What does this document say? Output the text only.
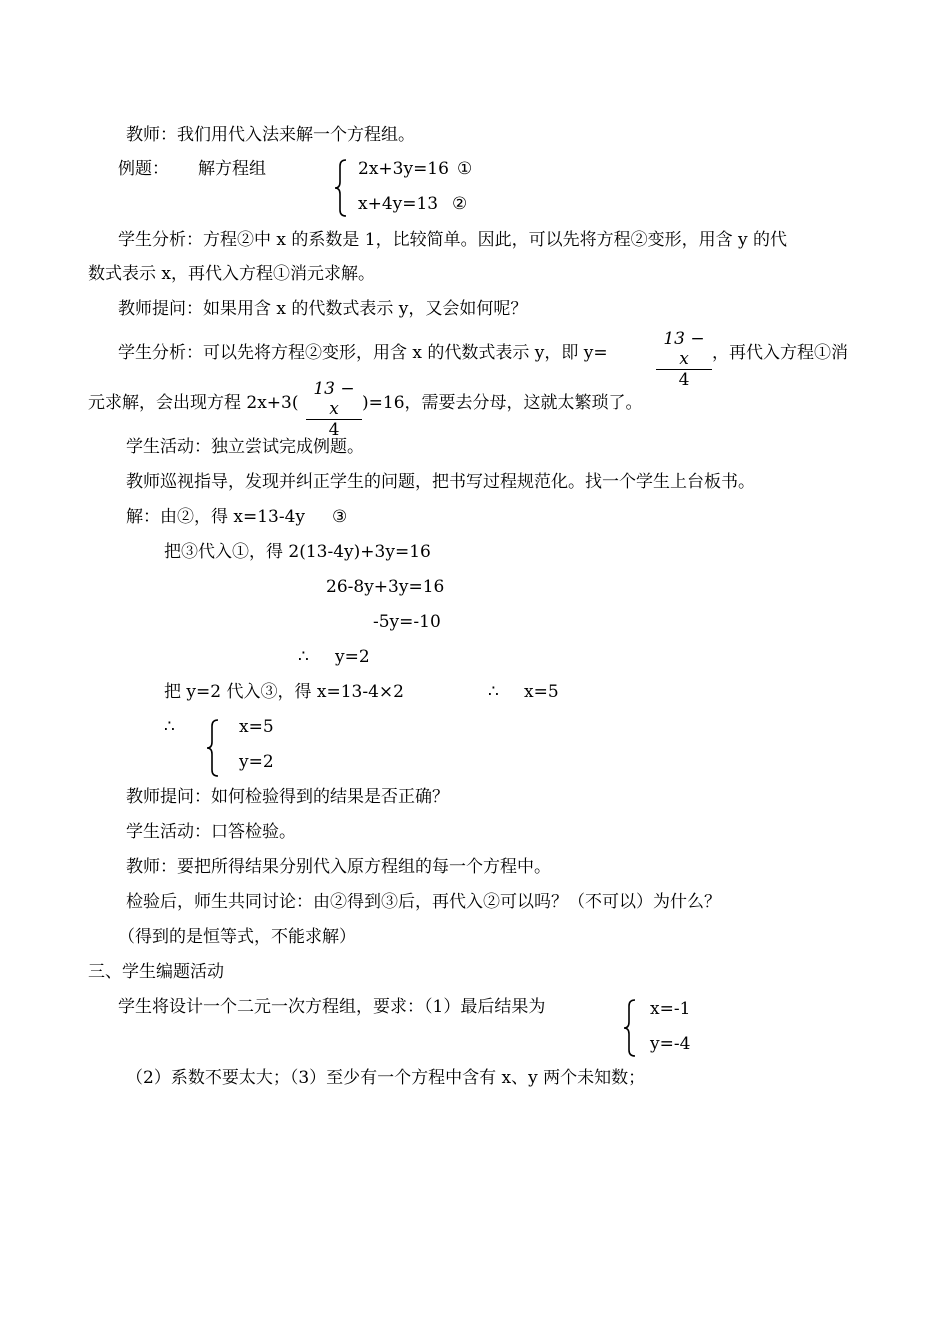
教师：我们用代入法来解一个方程组。
例题： 解方程组	2x+3y=16 ①
x+4y=13 ②
学生分析：方程②中 x 的系数是 1，比较简单。因此，可以先将方程②变形，用含 y 的代
数式表示 x，再代入方程①消元求解。
教师提问：如果用含 x 的代数式表示 y，又会如何呢？
学生分析：可以先将方程②变形，用含 x 的代数式表示 y，即 y=	$\frac{13 - x}{4}$ ，再代入方程①消
元求解，会出现方程 $2x+3( \frac{13 - x}{4} )=16$，需要去分母，这就太繁琐了。
学生活动：独立尝试完成例题。
教师巡视指导，发现并纠正学生的问题，把书写过程规范化。找一个学生上台板书。
解：由②，得 x=13-4y ③
把③代入①，得 2(13-4y)+3y=16
26-8y+3y=16
-5y=-10
∴ y=2
把 y=2 代入③，得 x=13-4×2	∴ x=5
∴	x=5
y=2
教师提问：如何检验得到的结果是否正确？
学生活动：口答检验。
教师：要把所得结果分别代入原方程组的每一个方程中。
检验后，师生共同讨论：由②得到③后，再代入②可以吗？（不可以）为什么？
（得到的是恒等式，不能求解）
三、学生编题活动
学生将设计一个二元一次方程组，要求：（1）最后结果为	x=-1
y=-4
（2）系数不要太大；（3）至少有一个方程中含有 x、y 两个未知数；
